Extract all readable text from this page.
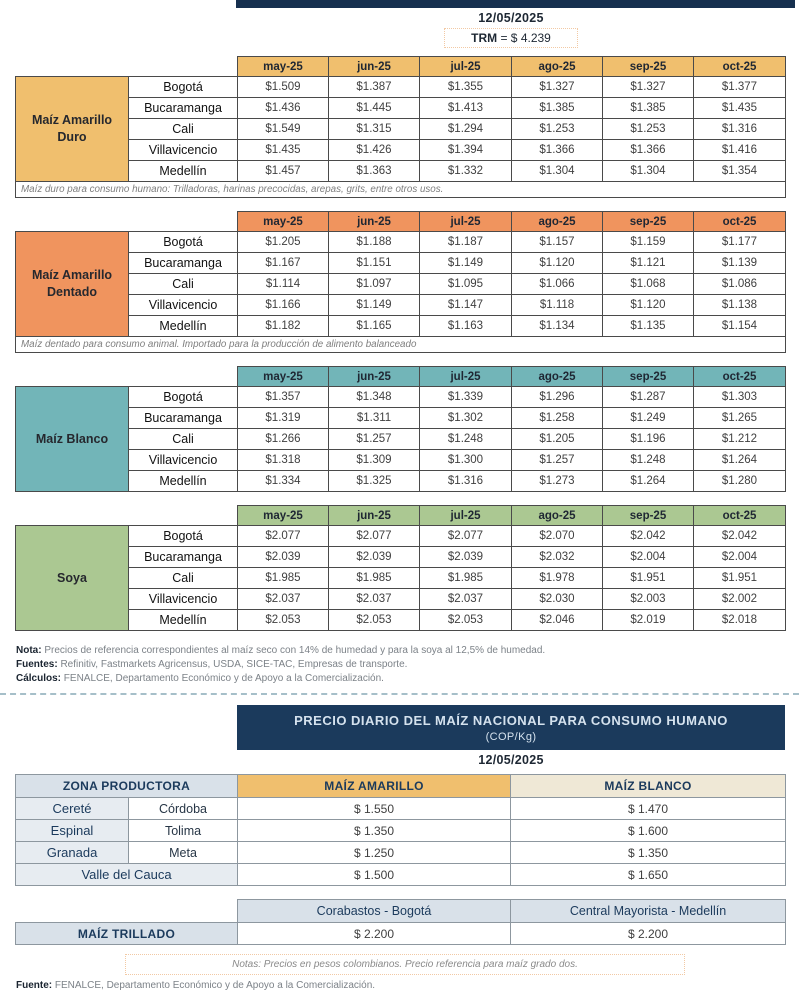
12/05/2025
TRM = $ 4.239
		may-25	jun-25	jul-25	ago-25	sep-25	oct-25
Maíz Amarillo Duro	Bogotá	$1.509	$1.387	$1.355	$1.327	$1.327	$1.377
	Bucaramanga	$1.436	$1.445	$1.413	$1.385	$1.385	$1.435
	Cali	$1.549	$1.315	$1.294	$1.253	$1.253	$1.316
	Villavicencio	$1.435	$1.426	$1.394	$1.366	$1.366	$1.416
	Medellín	$1.457	$1.363	$1.332	$1.304	$1.304	$1.354
Maíz duro para consumo humano: Trilladoras, harinas precocidas, arepas, grits, entre otros usos.							
		may-25	jun-25	jul-25	ago-25	sep-25	oct-25
Maíz Amarillo Dentado	Bogotá	$1.205	$1.188	$1.187	$1.157	$1.159	$1.177
	Bucaramanga	$1.167	$1.151	$1.149	$1.120	$1.121	$1.139
	Cali	$1.114	$1.097	$1.095	$1.066	$1.068	$1.086
	Villavicencio	$1.166	$1.149	$1.147	$1.118	$1.120	$1.138
	Medellín	$1.182	$1.165	$1.163	$1.134	$1.135	$1.154
Maíz dentado para consumo animal. Importado para la producción de alimento balanceado							
		may-25	jun-25	jul-25	ago-25	sep-25	oct-25
Maíz Blanco	Bogotá	$1.357	$1.348	$1.339	$1.296	$1.287	$1.303
	Bucaramanga	$1.319	$1.311	$1.302	$1.258	$1.249	$1.265
	Cali	$1.266	$1.257	$1.248	$1.205	$1.196	$1.212
	Villavicencio	$1.318	$1.309	$1.300	$1.257	$1.248	$1.264
	Medellín	$1.334	$1.325	$1.316	$1.273	$1.264	$1.280
		may-25	jun-25	jul-25	ago-25	sep-25	oct-25
Soya	Bogotá	$2.077	$2.077	$2.077	$2.070	$2.042	$2.042
	Bucaramanga	$2.039	$2.039	$2.039	$2.032	$2.004	$2.004
	Cali	$1.985	$1.985	$1.985	$1.978	$1.951	$1.951
	Villavicencio	$2.037	$2.037	$2.037	$2.030	$2.003	$2.002
	Medellín	$2.053	$2.053	$2.053	$2.046	$2.019	$2.018
Nota: Precios de referencia correspondientes al maíz seco con 14% de humedad y para la soya al 12,5% de humedad.
Fuentes: Refinitiv, Fastmarkets Agricensus, USDA, SICE-TAC, Empresas de transporte.
Cálculos: FENALCE, Departamento Económico y de Apoyo a la Comercialización.
PRECIO DIARIO DEL MAÍZ NACIONAL PARA CONSUMO HUMANO
(COP/Kg)
12/05/2025
ZONA PRODUCTORA		MAÍZ AMARILLO	MAÍZ BLANCO
Cereté	Córdoba	$ 1.550	$ 1.470
Espinal	Tolima	$ 1.350	$ 1.600
Granada	Meta	$ 1.250	$ 1.350
Valle del Cauca		$ 1.500	$ 1.650
	Corabastos - Bogotá	Central Mayorista - Medellín
MAÍZ TRILLADO	$ 2.200	$ 2.200
Notas: Precios en pesos colombianos. Precio referencia para maíz grado dos.
Fuente: FENALCE, Departamento Económico y de Apoyo a la Comercialización.
